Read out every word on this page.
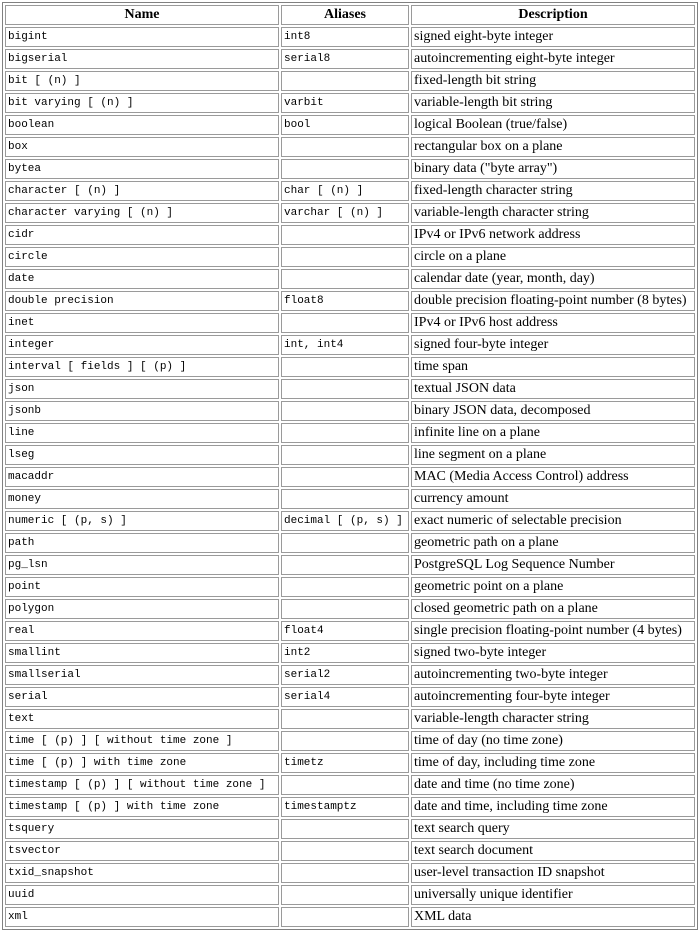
Name	Aliases	Description
bigint	int8	signed eight-byte integer
bigserial	serial8	autoincrementing eight-byte integer
bit [ (n) ]		fixed-length bit string
bit varying [ (n) ]	varbit	variable-length bit string
boolean	bool	logical Boolean (true/false)
box		rectangular box on a plane
bytea		binary data ("byte array")
character [ (n) ]	char [ (n) ]	fixed-length character string
character varying [ (n) ]	varchar [ (n) ]	variable-length character string
cidr		IPv4 or IPv6 network address
circle		circle on a plane
date		calendar date (year, month, day)
double precision	float8	double precision floating-point number (8 bytes)
inet		IPv4 or IPv6 host address
integer	int, int4	signed four-byte integer
interval [ fields ] [ (p) ]		time span
json		textual JSON data
jsonb		binary JSON data, decomposed
line		infinite line on a plane
lseg		line segment on a plane
macaddr		MAC (Media Access Control) address
money		currency amount
numeric [ (p, s) ]	decimal [ (p, s) ]	exact numeric of selectable precision
path		geometric path on a plane
pg_lsn		PostgreSQL Log Sequence Number
point		geometric point on a plane
polygon		closed geometric path on a plane
real	float4	single precision floating-point number (4 bytes)
smallint	int2	signed two-byte integer
smallserial	serial2	autoincrementing two-byte integer
serial	serial4	autoincrementing four-byte integer
text		variable-length character string
time [ (p) ] [ without time zone ]		time of day (no time zone)
time [ (p) ] with time zone	timetz	time of day, including time zone
timestamp [ (p) ] [ without time zone ]		date and time (no time zone)
timestamp [ (p) ] with time zone	timestamptz	date and time, including time zone
tsquery		text search query
tsvector		text search document
txid_snapshot		user-level transaction ID snapshot
uuid		universally unique identifier
xml		XML data
